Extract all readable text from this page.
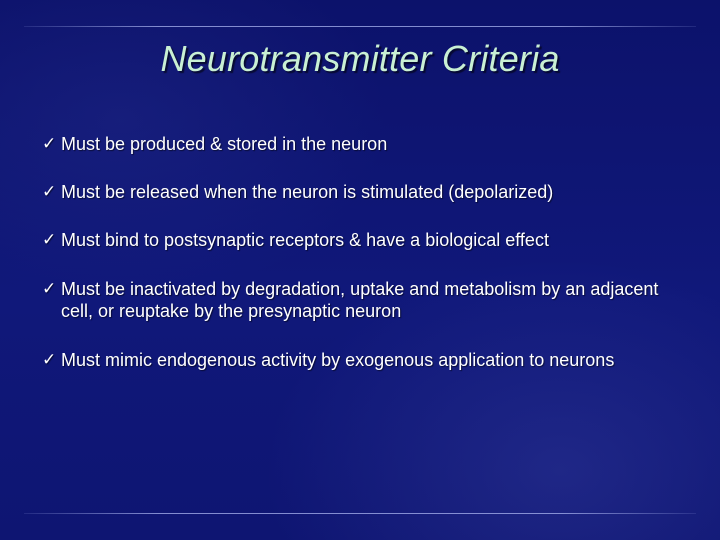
Neurotransmitter Criteria
✓ Must be produced & stored in the neuron
✓ Must be released when the neuron is stimulated (depolarized)
✓ Must bind to postsynaptic receptors & have a biological effect
✓ Must be inactivated by degradation, uptake and metabolism by an adjacent cell, or reuptake by the presynaptic neuron
✓ Must mimic endogenous activity by exogenous application to neurons
